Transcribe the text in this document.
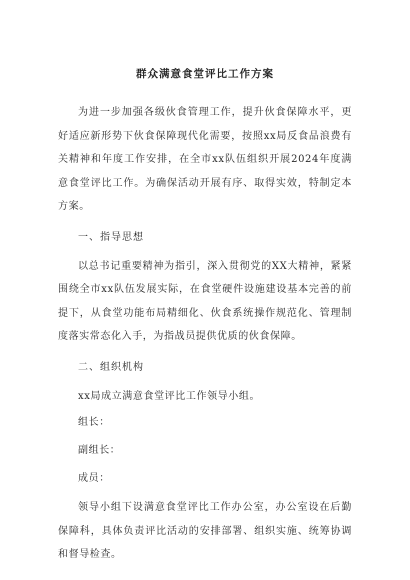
群众满意食堂评比工作方案

为进一步加强各级伙食管理工作，提升伙食保障水平，更好适应新形势下伙食保障现代化需要，按照xx局反食品浪费有关精神和年度工作安排，在全市xx队伍组织开展2024年度满意食堂评比工作。为确保活动开展有序、取得实效，特制定本方案。

一、指导思想

以总书记重要精神为指引，深入贯彻党的XX大精神，紧紧围绕全市xx队伍发展实际，在食堂硬件设施建设基本完善的前提下，从食堂功能布局精细化、伙食系统操作规范化、管理制度落实常态化入手，为指战员提供优质的伙食保障。

二、组织机构

xx局成立满意食堂评比工作领导小组。

组长：
副组长：
成员：

领导小组下设满意食堂评比工作办公室，办公室设在后勤保障科，具体负责评比活动的安排部署、组织实施、统筹协调和督导检查。
